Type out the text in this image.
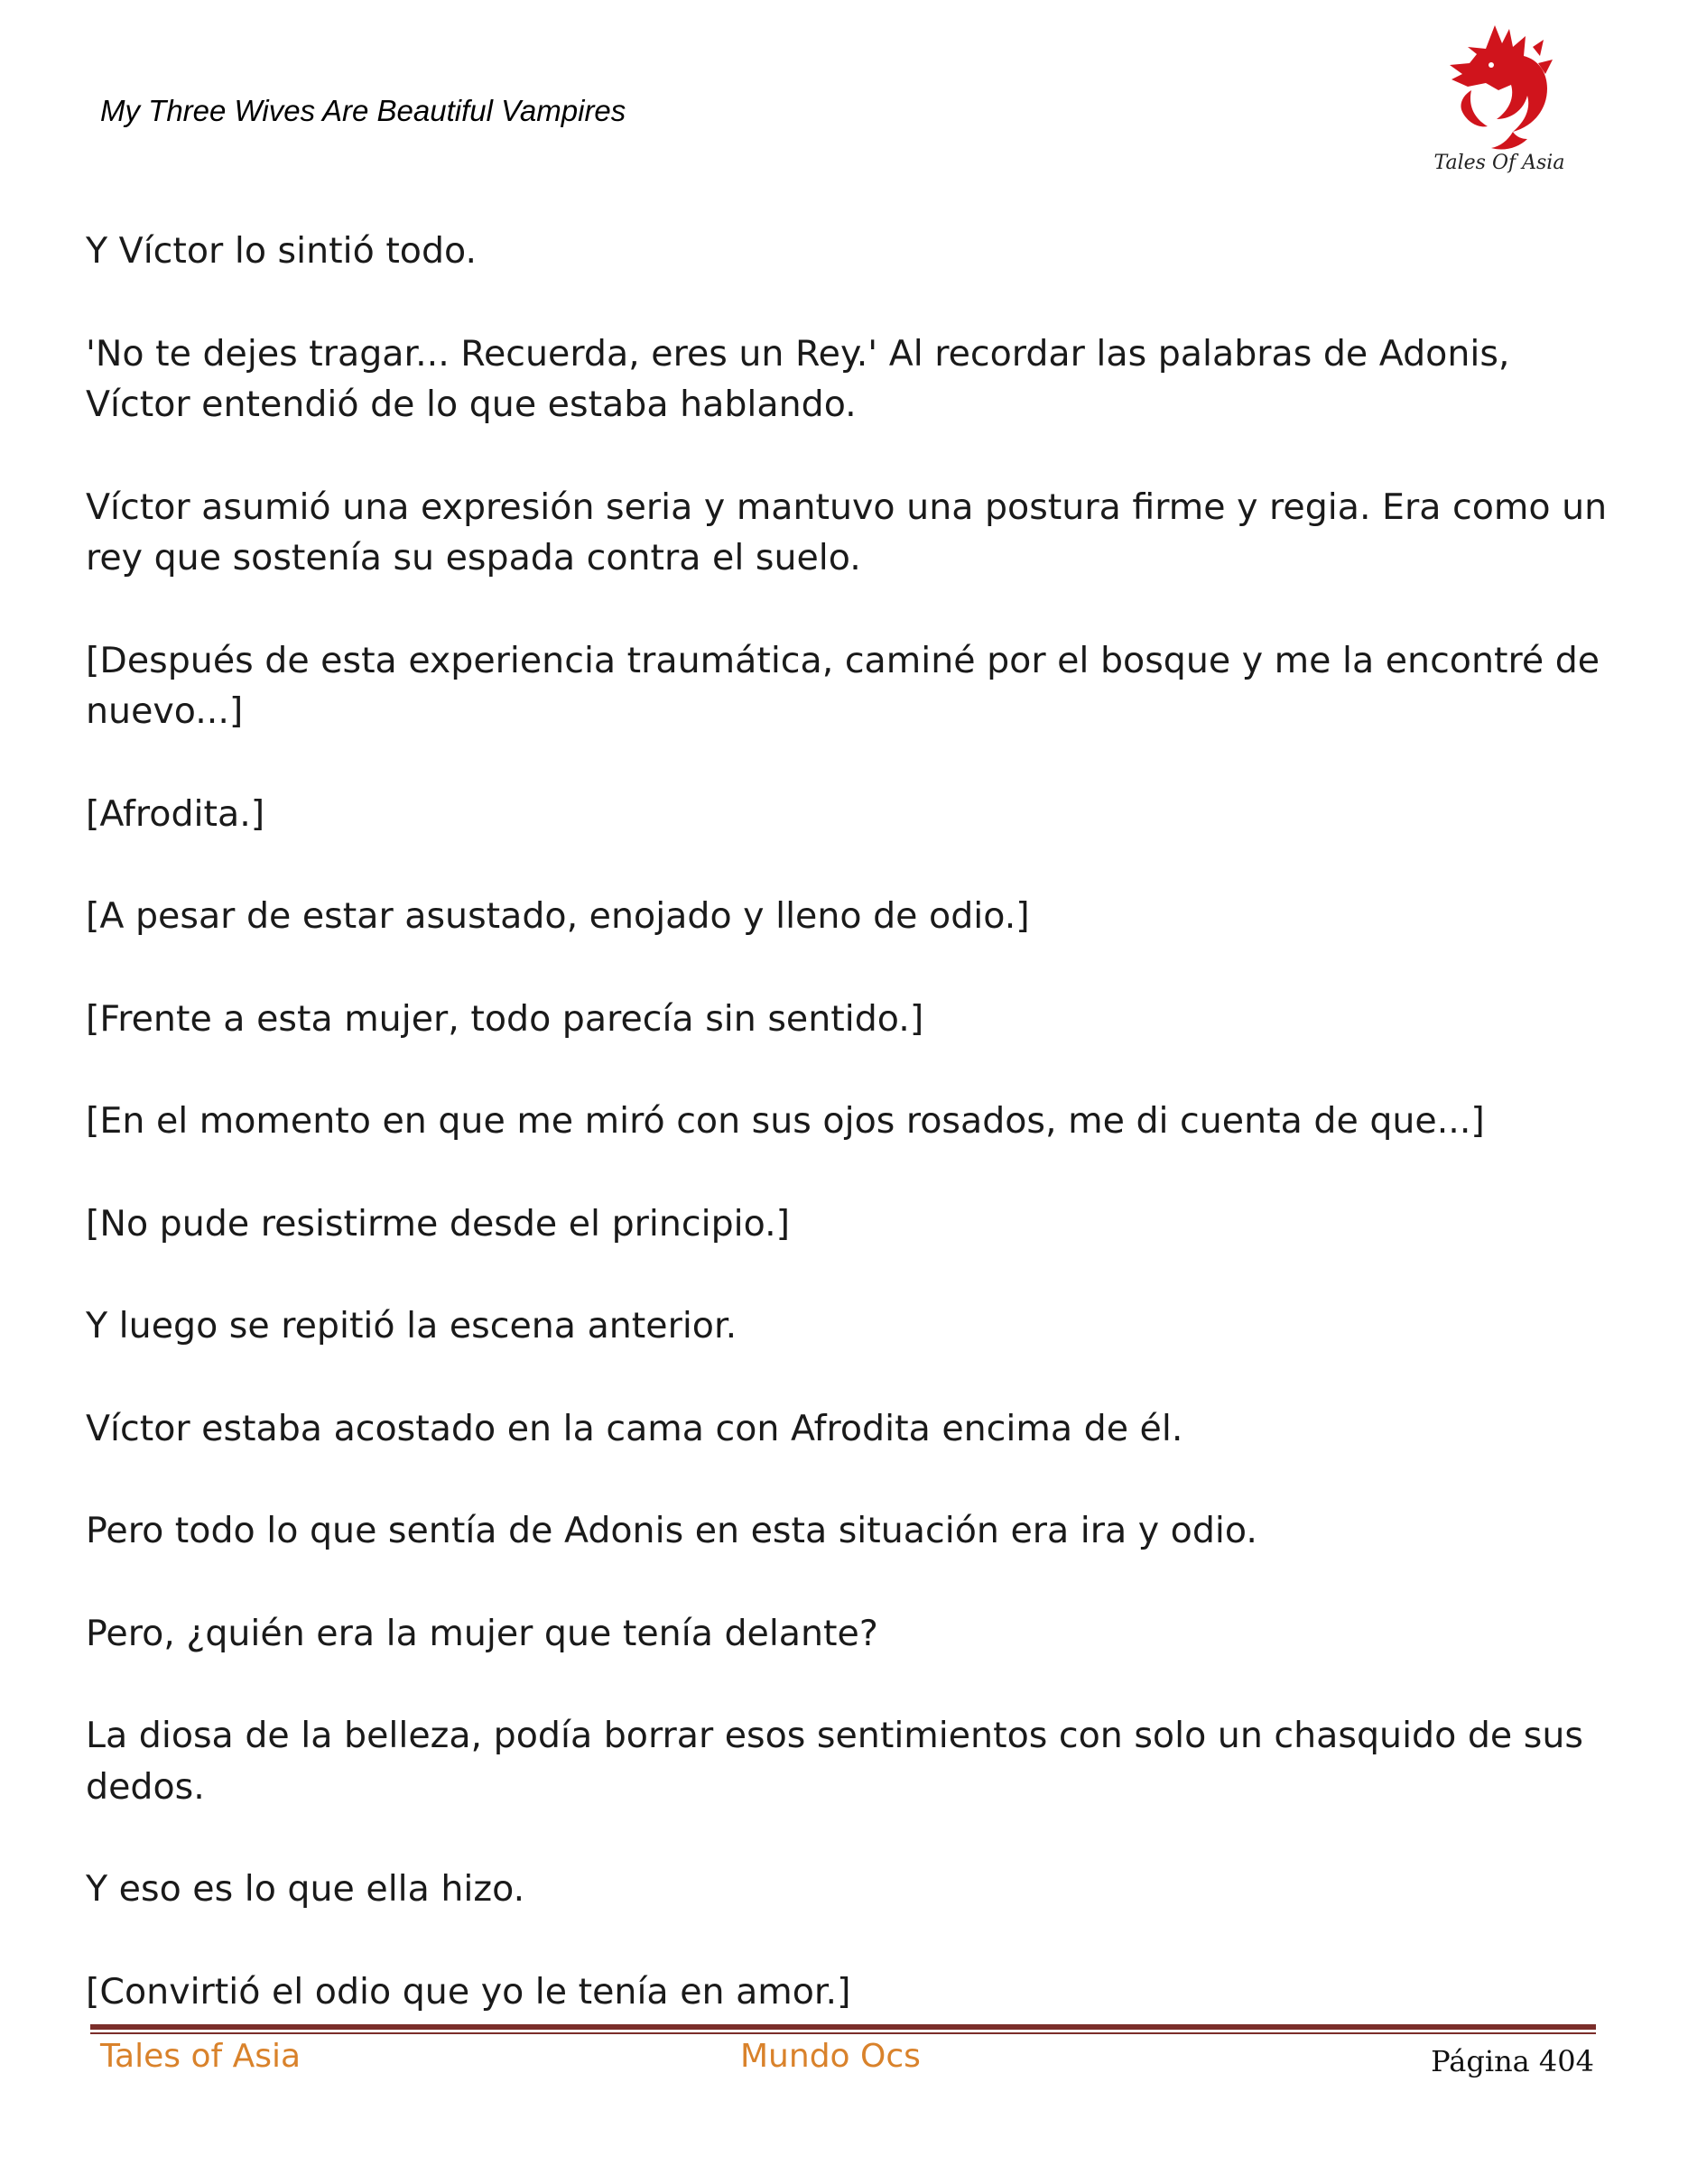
My Three Wives Are Beautiful Vampires
Tales Of Asia

Y Víctor lo sintió todo.

'No te dejes tragar... Recuerda, eres un Rey.' Al recordar las palabras de Adonis, Víctor entendió de lo que estaba hablando.

Víctor asumió una expresión seria y mantuvo una postura firme y regia. Era como un rey que sostenía su espada contra el suelo.

[Después de esta experiencia traumática, caminé por el bosque y me la encontré de nuevo...]

[Afrodita.]

[A pesar de estar asustado, enojado y lleno de odio.]

[Frente a esta mujer, todo parecía sin sentido.]

[En el momento en que me miró con sus ojos rosados, me di cuenta de que...]

[No pude resistirme desde el principio.]

Y luego se repitió la escena anterior.

Víctor estaba acostado en la cama con Afrodita encima de él.

Pero todo lo que sentía de Adonis en esta situación era ira y odio.

Pero, ¿quién era la mujer que tenía delante?

La diosa de la belleza, podía borrar esos sentimientos con solo un chasquido de sus dedos.

Y eso es lo que ella hizo.

[Convirtió el odio que yo le tenía en amor.]

Tales of Asia	Mundo Ocs	Página 404
